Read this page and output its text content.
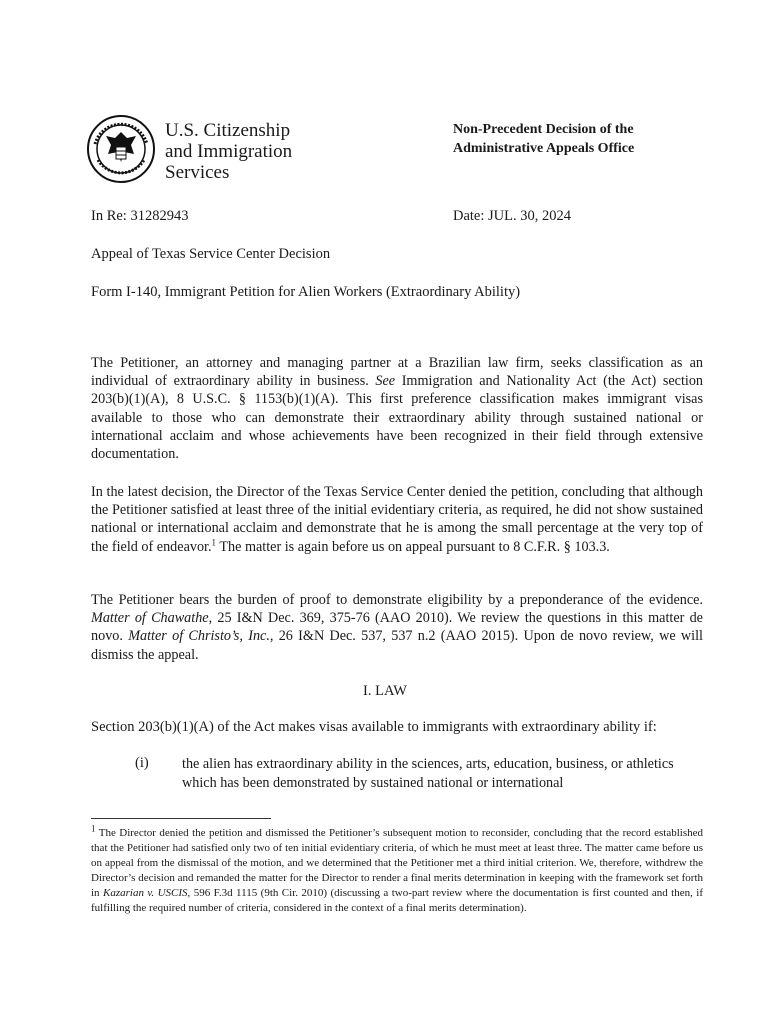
U.S. Citizenship
and Immigration
Services
Non-Precedent Decision of the
Administrative Appeals Office
In Re: 31282943	Date: JUL. 30, 2024
Appeal of Texas Service Center Decision
Form I-140, Immigrant Petition for Alien Workers (Extraordinary Ability)
The Petitioner, an attorney and managing partner at a Brazilian law firm, seeks classification as an individual of extraordinary ability in business. See Immigration and Nationality Act (the Act) section 203(b)(1)(A), 8 U.S.C. § 1153(b)(1)(A). This first preference classification makes immigrant visas available to those who can demonstrate their extraordinary ability through sustained national or international acclaim and whose achievements have been recognized in their field through extensive documentation.
In the latest decision, the Director of the Texas Service Center denied the petition, concluding that although the Petitioner satisfied at least three of the initial evidentiary criteria, as required, he did not show sustained national or international acclaim and demonstrate that he is among the small percentage at the very top of the field of endeavor.$^1$ The matter is again before us on appeal pursuant to 8 C.F.R. § 103.3.
The Petitioner bears the burden of proof to demonstrate eligibility by a preponderance of the evidence. Matter of Chawathe, 25 I&N Dec. 369, 375-76 (AAO 2010). We review the questions in this matter de novo. Matter of Christo’s, Inc., 26 I&N Dec. 537, 537 n.2 (AAO 2015). Upon de novo review, we will dismiss the appeal.
I. LAW
Section 203(b)(1)(A) of the Act makes visas available to immigrants with extraordinary ability if:
(i) the alien has extraordinary ability in the sciences, arts, education, business, or athletics which has been demonstrated by sustained national or international
$^1$ The Director denied the petition and dismissed the Petitioner’s subsequent motion to reconsider, concluding that the record established that the Petitioner had satisfied only two of ten initial evidentiary criteria, of which he must meet at least three. The matter came before us on appeal from the dismissal of the motion, and we determined that the Petitioner met a third initial criterion. We, therefore, withdrew the Director’s decision and remanded the matter for the Director to render a final merits determination in keeping with the framework set forth in Kazarian v. USCIS, 596 F.3d 1115 (9th Cir. 2010) (discussing a two-part review where the documentation is first counted and then, if fulfilling the required number of criteria, considered in the context of a final merits determination).
